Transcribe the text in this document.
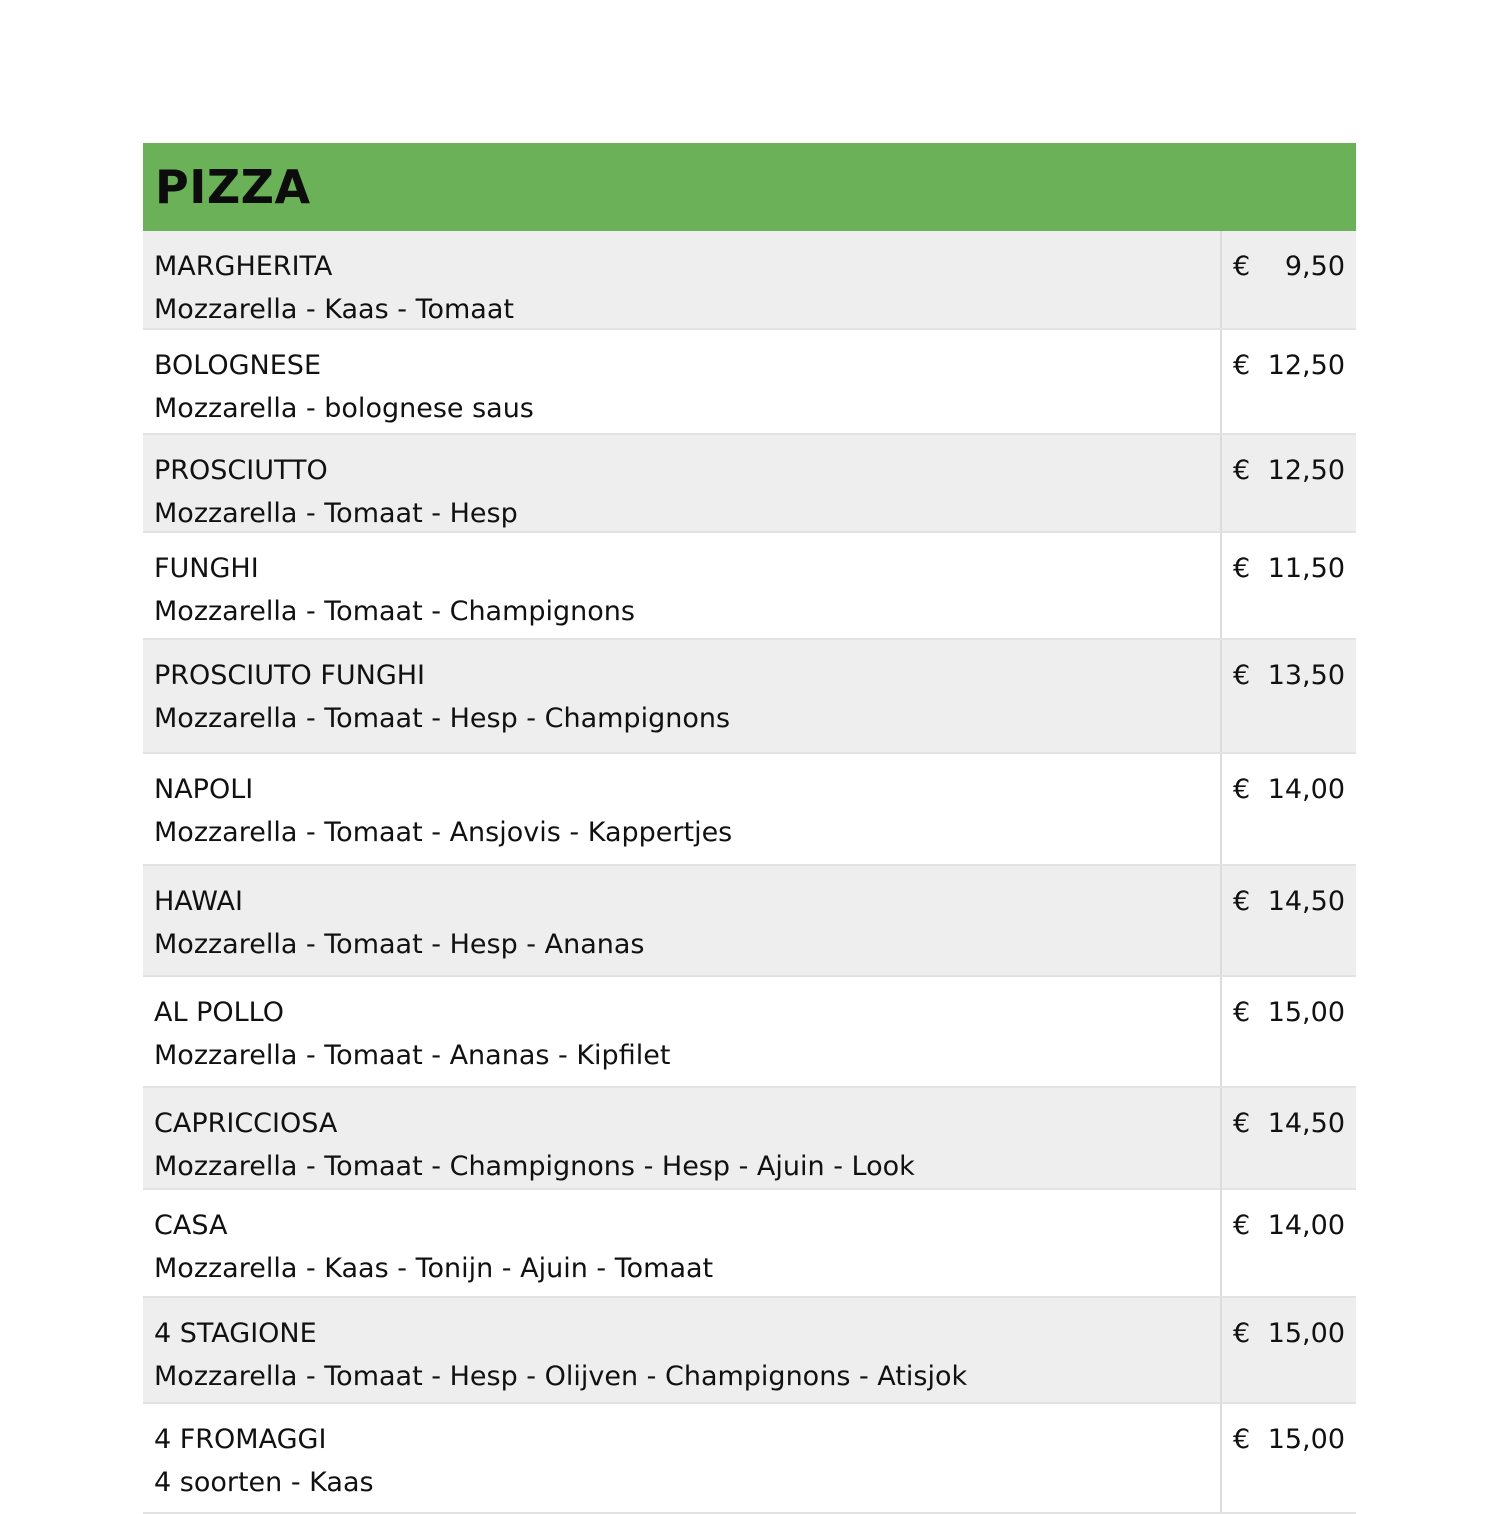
PIZZA
MARGHERITA
Mozzarella - Kaas - Tomaat
€ 9,50
BOLOGNESE
Mozzarella - bolognese saus
€ 12,50
PROSCIUTTO
Mozzarella - Tomaat - Hesp
€ 12,50
FUNGHI
Mozzarella - Tomaat - Champignons
€ 11,50
PROSCIUTO FUNGHI
Mozzarella - Tomaat - Hesp - Champignons
€ 13,50
NAPOLI
Mozzarella - Tomaat - Ansjovis - Kappertjes
€ 14,00
HAWAI
Mozzarella - Tomaat - Hesp - Ananas
€ 14,50
AL POLLO
Mozzarella - Tomaat - Ananas - Kipfilet
€ 15,00
CAPRICCIOSA
Mozzarella - Tomaat - Champignons - Hesp - Ajuin - Look
€ 14,50
CASA
Mozzarella - Kaas - Tonijn - Ajuin - Tomaat
€ 14,00
4 STAGIONE
Mozzarella - Tomaat - Hesp - Olijven - Champignons - Atisjok
€ 15,00
4 FROMAGGI
4 soorten - Kaas
€ 15,00
